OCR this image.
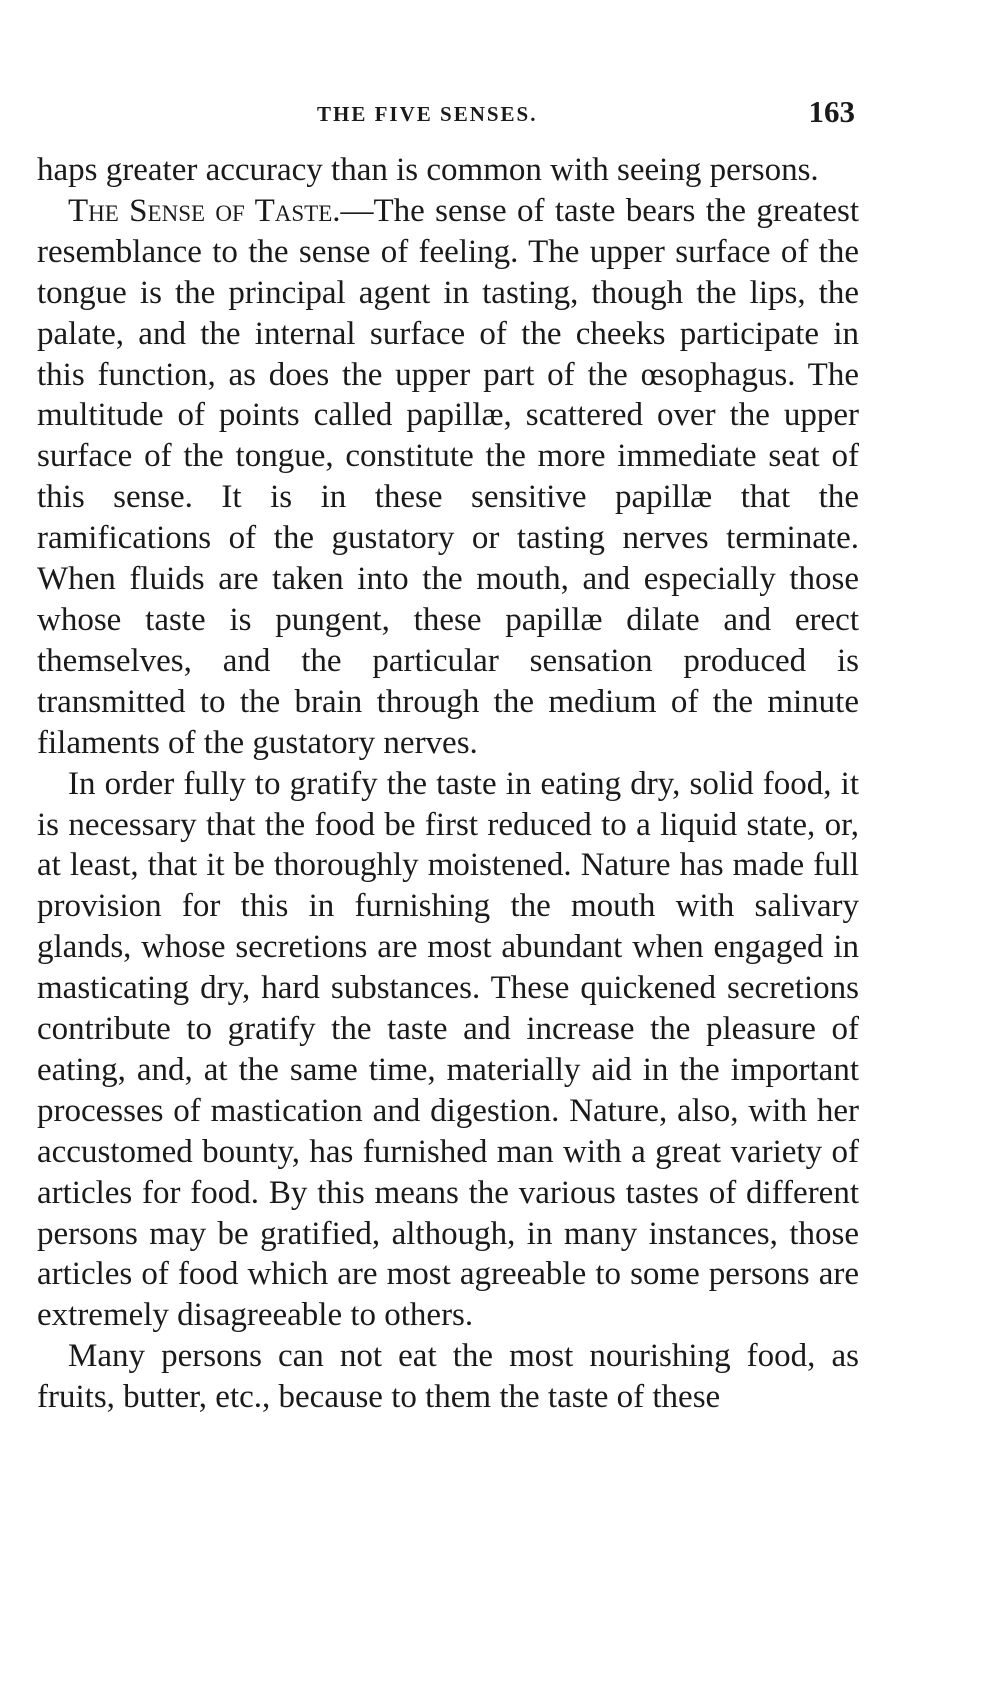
THE FIVE SENSES.	163

haps greater accuracy than is common with seeing persons.

The Sense of Taste.—The sense of taste bears the greatest resemblance to the sense of feeling. The upper surface of the tongue is the principal agent in tasting, though the lips, the palate, and the internal surface of the cheeks participate in this function, as does the upper part of the œsophagus. The multitude of points called papillæ, scattered over the upper surface of the tongue, constitute the more immediate seat of this sense. It is in these sensitive papillæ that the ramifications of the gustatory or tasting nerves terminate. When fluids are taken into the mouth, and especially those whose taste is pungent, these papillæ dilate and erect themselves, and the particular sensation produced is transmitted to the brain through the medium of the minute filaments of the gustatory nerves.

In order fully to gratify the taste in eating dry, solid food, it is necessary that the food be first reduced to a liquid state, or, at least, that it be thoroughly moistened. Nature has made full provision for this in furnishing the mouth with salivary glands, whose secretions are most abundant when engaged in masticating dry, hard substances. These quickened secretions contribute to gratify the taste and increase the pleasure of eating, and, at the same time, materially aid in the important processes of mastication and digestion. Nature, also, with her accustomed bounty, has furnished man with a great variety of articles for food. By this means the various tastes of different persons may be gratified, although, in many instances, those articles of food which are most agreeable to some persons are extremely disagreeable to others.

Many persons can not eat the most nourishing food, as fruits, butter, etc., because to them the taste of these
